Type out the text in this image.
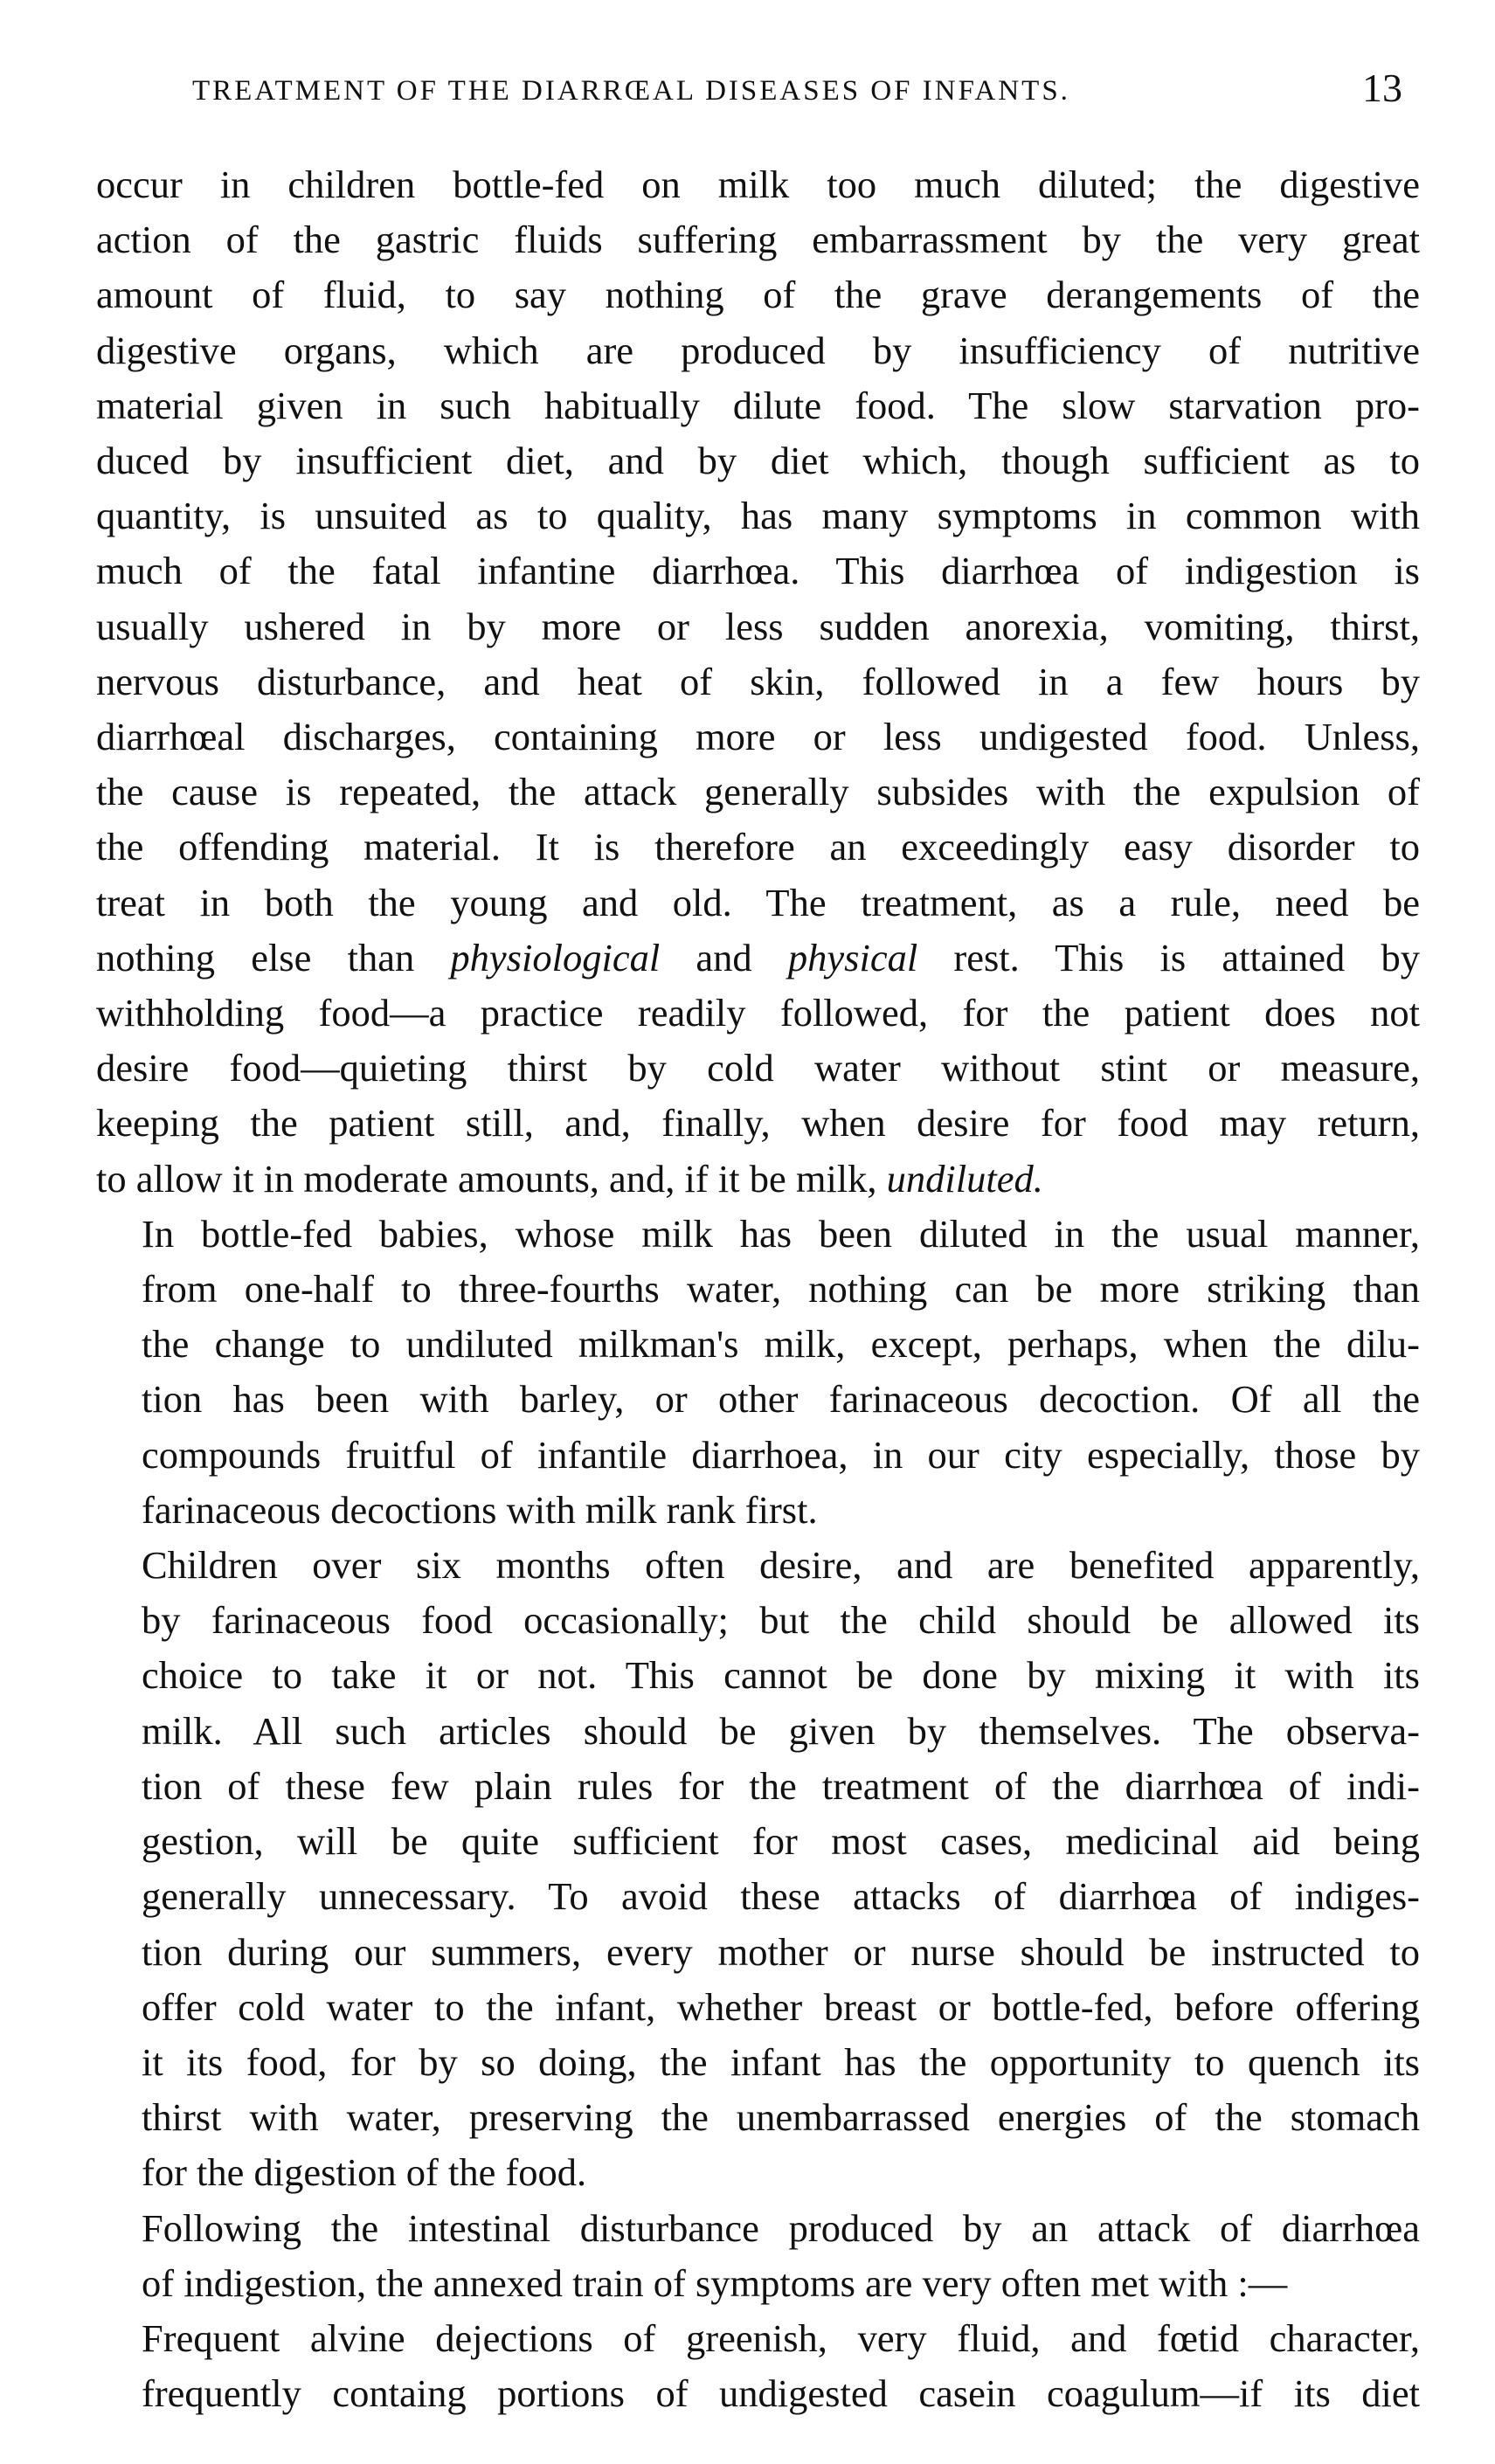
TREATMENT OF THE DIARRŒAL DISEASES OF INFANTS.	13
occur in children bottle-fed on milk too much diluted; the digestive
action of the gastric fluids suffering embarrassment by the very great
amount of fluid, to say nothing of the grave derangements of the
digestive organs, which are produced by insufficiency of nutritive
material given in such habitually dilute food. The slow starvation pro-
duced by insufficient diet, and by diet which, though sufficient as to
quantity, is unsuited as to quality, has many symptoms in common with
much of the fatal infantine diarrhœa. This diarrhœa of indigestion is
usually ushered in by more or less sudden anorexia, vomiting, thirst,
nervous disturbance, and heat of skin, followed in a few hours by
diarrhœal discharges, containing more or less undigested food. Unless,
the cause is repeated, the attack generally subsides with the expulsion of
the offending material. It is therefore an exceedingly easy disorder to
treat in both the young and old. The treatment, as a rule, need be
nothing else than physiological and physical rest. This is attained by
withholding food—a practice readily followed, for the patient does not
desire food—quieting thirst by cold water without stint or measure,
keeping the patient still, and, finally, when desire for food may return,
to allow it in moderate amounts, and, if it be milk, undiluted.
In bottle-fed babies, whose milk has been diluted in the usual manner,
from one-half to three-fourths water, nothing can be more striking than
the change to undiluted milkman's milk, except, perhaps, when the dilu-
tion has been with barley, or other farinaceous decoction. Of all the
compounds fruitful of infantile diarrhoea, in our city especially, those by
farinaceous decoctions with milk rank first.
Children over six months often desire, and are benefited apparently,
by farinaceous food occasionally; but the child should be allowed its
choice to take it or not. This cannot be done by mixing it with its
milk. All such articles should be given by themselves. The observa-
tion of these few plain rules for the treatment of the diarrhœa of indi-
gestion, will be quite sufficient for most cases, medicinal aid being
generally unnecessary. To avoid these attacks of diarrhœa of indiges-
tion during our summers, every mother or nurse should be instructed to
offer cold water to the infant, whether breast or bottle-fed, before offering
it its food, for by so doing, the infant has the opportunity to quench its
thirst with water, preserving the unembarrassed energies of the stomach
for the digestion of the food.
Following the intestinal disturbance produced by an attack of diarrhœa
of indigestion, the annexed train of symptoms are very often met with :—
Frequent alvine dejections of greenish, very fluid, and fœtid character,
frequently containg portions of undigested casein coagulum—if its diet
